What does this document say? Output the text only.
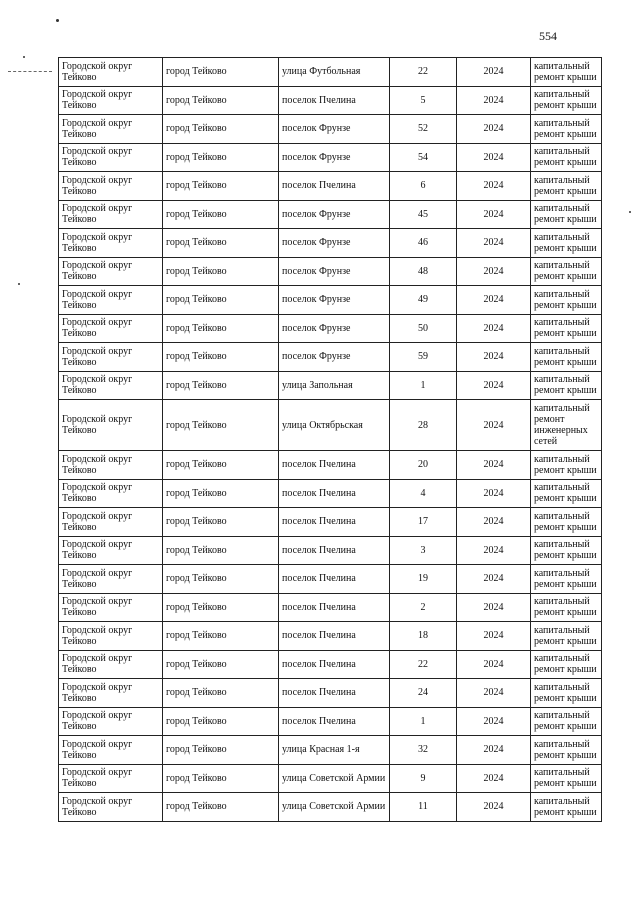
554
Городской округ Тейково	город Тейково	улица Футбольная	22	2024	капитальный ремонт крыши
Городской округ Тейково	город Тейково	поселок Пчелина	5	2024	капитальный ремонт крыши
Городской округ Тейково	город Тейково	поселок Фрунзе	52	2024	капитальный ремонт крыши
Городской округ Тейково	город Тейково	поселок Фрунзе	54	2024	капитальный ремонт крыши
Городской округ Тейково	город Тейково	поселок Пчелина	6	2024	капитальный ремонт крыши
Городской округ Тейково	город Тейково	поселок Фрунзе	45	2024	капитальный ремонт крыши
Городской округ Тейково	город Тейково	поселок Фрунзе	46	2024	капитальный ремонт крыши
Городской округ Тейково	город Тейково	поселок Фрунзе	48	2024	капитальный ремонт крыши
Городской округ Тейково	город Тейково	поселок Фрунзе	49	2024	капитальный ремонт крыши
Городской округ Тейково	город Тейково	поселок Фрунзе	50	2024	капитальный ремонт крыши
Городской округ Тейково	город Тейково	поселок Фрунзе	59	2024	капитальный ремонт крыши
Городской округ Тейково	город Тейково	улица Запольная	1	2024	капитальный ремонт крыши
Городской округ Тейково	город Тейково	улица Октябрьская	28	2024	капитальный ремонт инженерных сетей
Городской округ Тейково	город Тейково	поселок Пчелина	20	2024	капитальный ремонт крыши
Городской округ Тейково	город Тейково	поселок Пчелина	4	2024	капитальный ремонт крыши
Городской округ Тейково	город Тейково	поселок Пчелина	17	2024	капитальный ремонт крыши
Городской округ Тейково	город Тейково	поселок Пчелина	3	2024	капитальный ремонт крыши
Городской округ Тейково	город Тейково	поселок Пчелина	19	2024	капитальный ремонт крыши
Городской округ Тейково	город Тейково	поселок Пчелина	2	2024	капитальный ремонт крыши
Городской округ Тейково	город Тейково	поселок Пчелина	18	2024	капитальный ремонт крыши
Городской округ Тейково	город Тейково	поселок Пчелина	22	2024	капитальный ремонт крыши
Городской округ Тейково	город Тейково	поселок Пчелина	24	2024	капитальный ремонт крыши
Городской округ Тейково	город Тейково	поселок Пчелина	1	2024	капитальный ремонт крыши
Городской округ Тейково	город Тейково	улица Красная 1-я	32	2024	капитальный ремонт крыши
Городской округ Тейково	город Тейково	улица Советской Армии	9	2024	капитальный ремонт крыши
Городской округ Тейково	город Тейково	улица Советской Армии	11	2024	капитальный ремонт крыши
